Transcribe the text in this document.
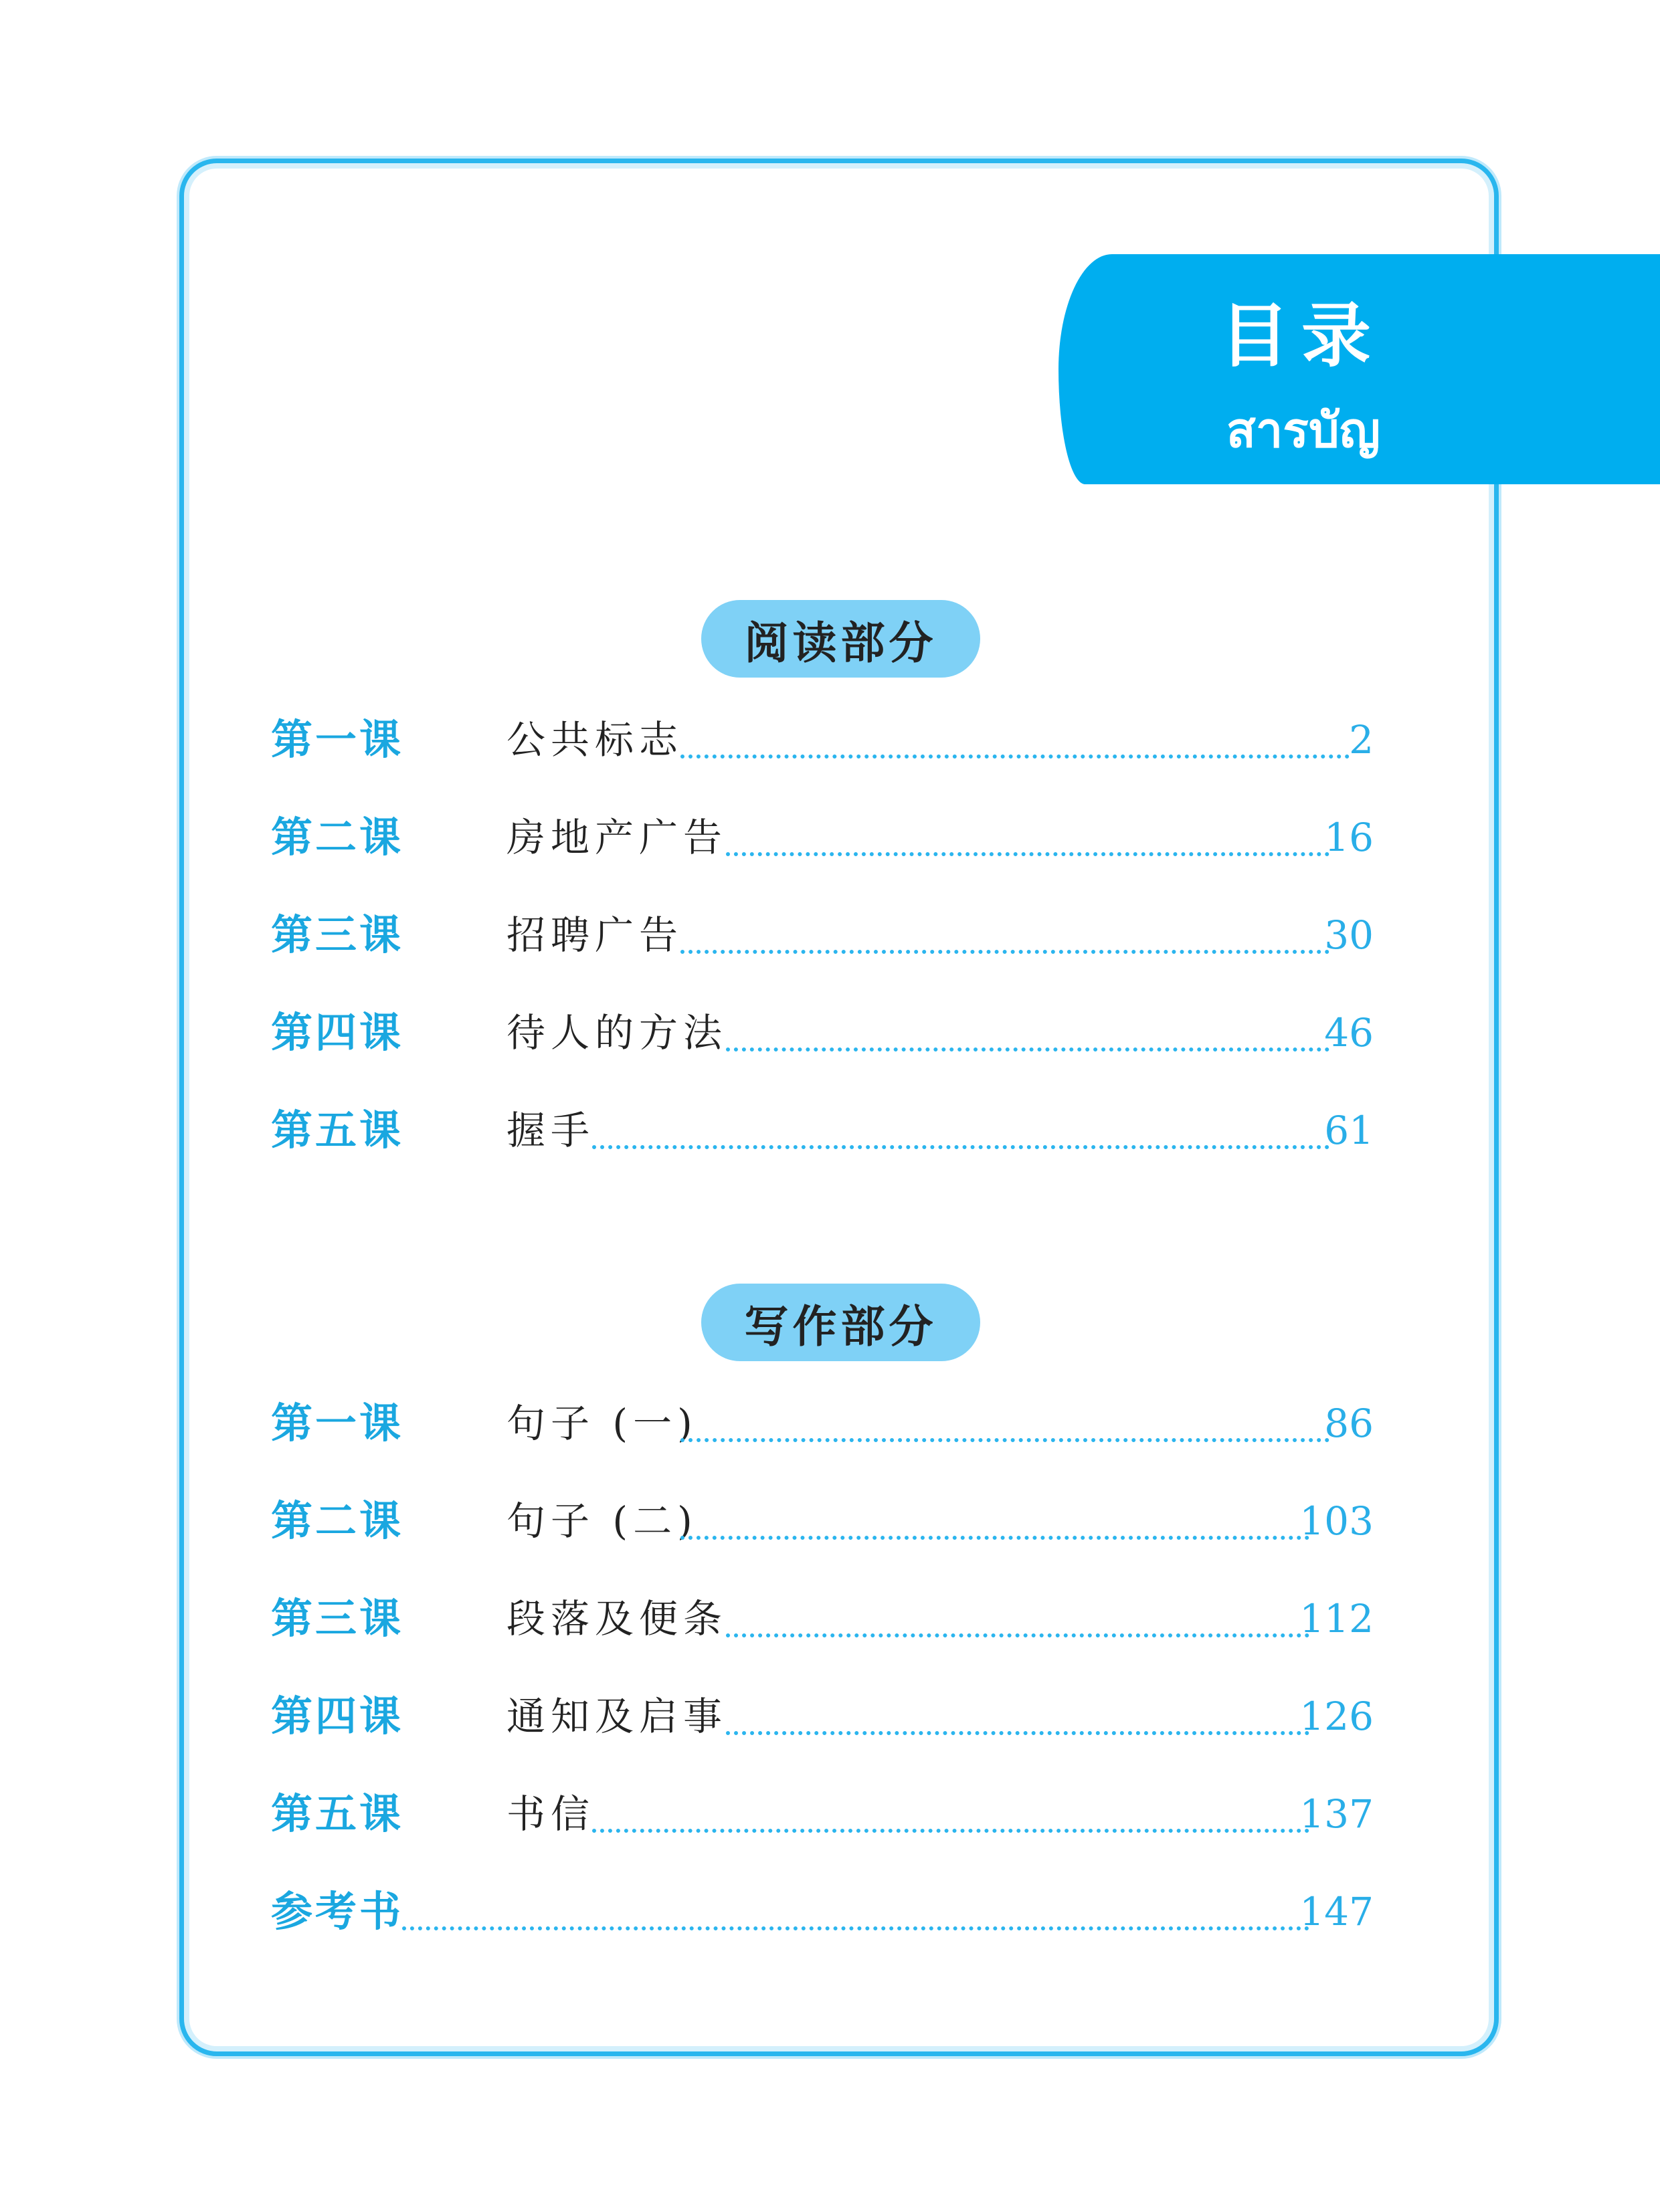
目录
สารบัญ
阅读部分
第一课	公共标志	2
第二课	房地产广告	16
第三课	招聘广告	30
第四课	待人的方法	46
第五课	握手	61
写作部分
第一课	句子 (一)	86
第二课	句子 (二)	103
第三课	段落及便条	112
第四课	通知及启事	126
第五课	书信	137
参考书	147
